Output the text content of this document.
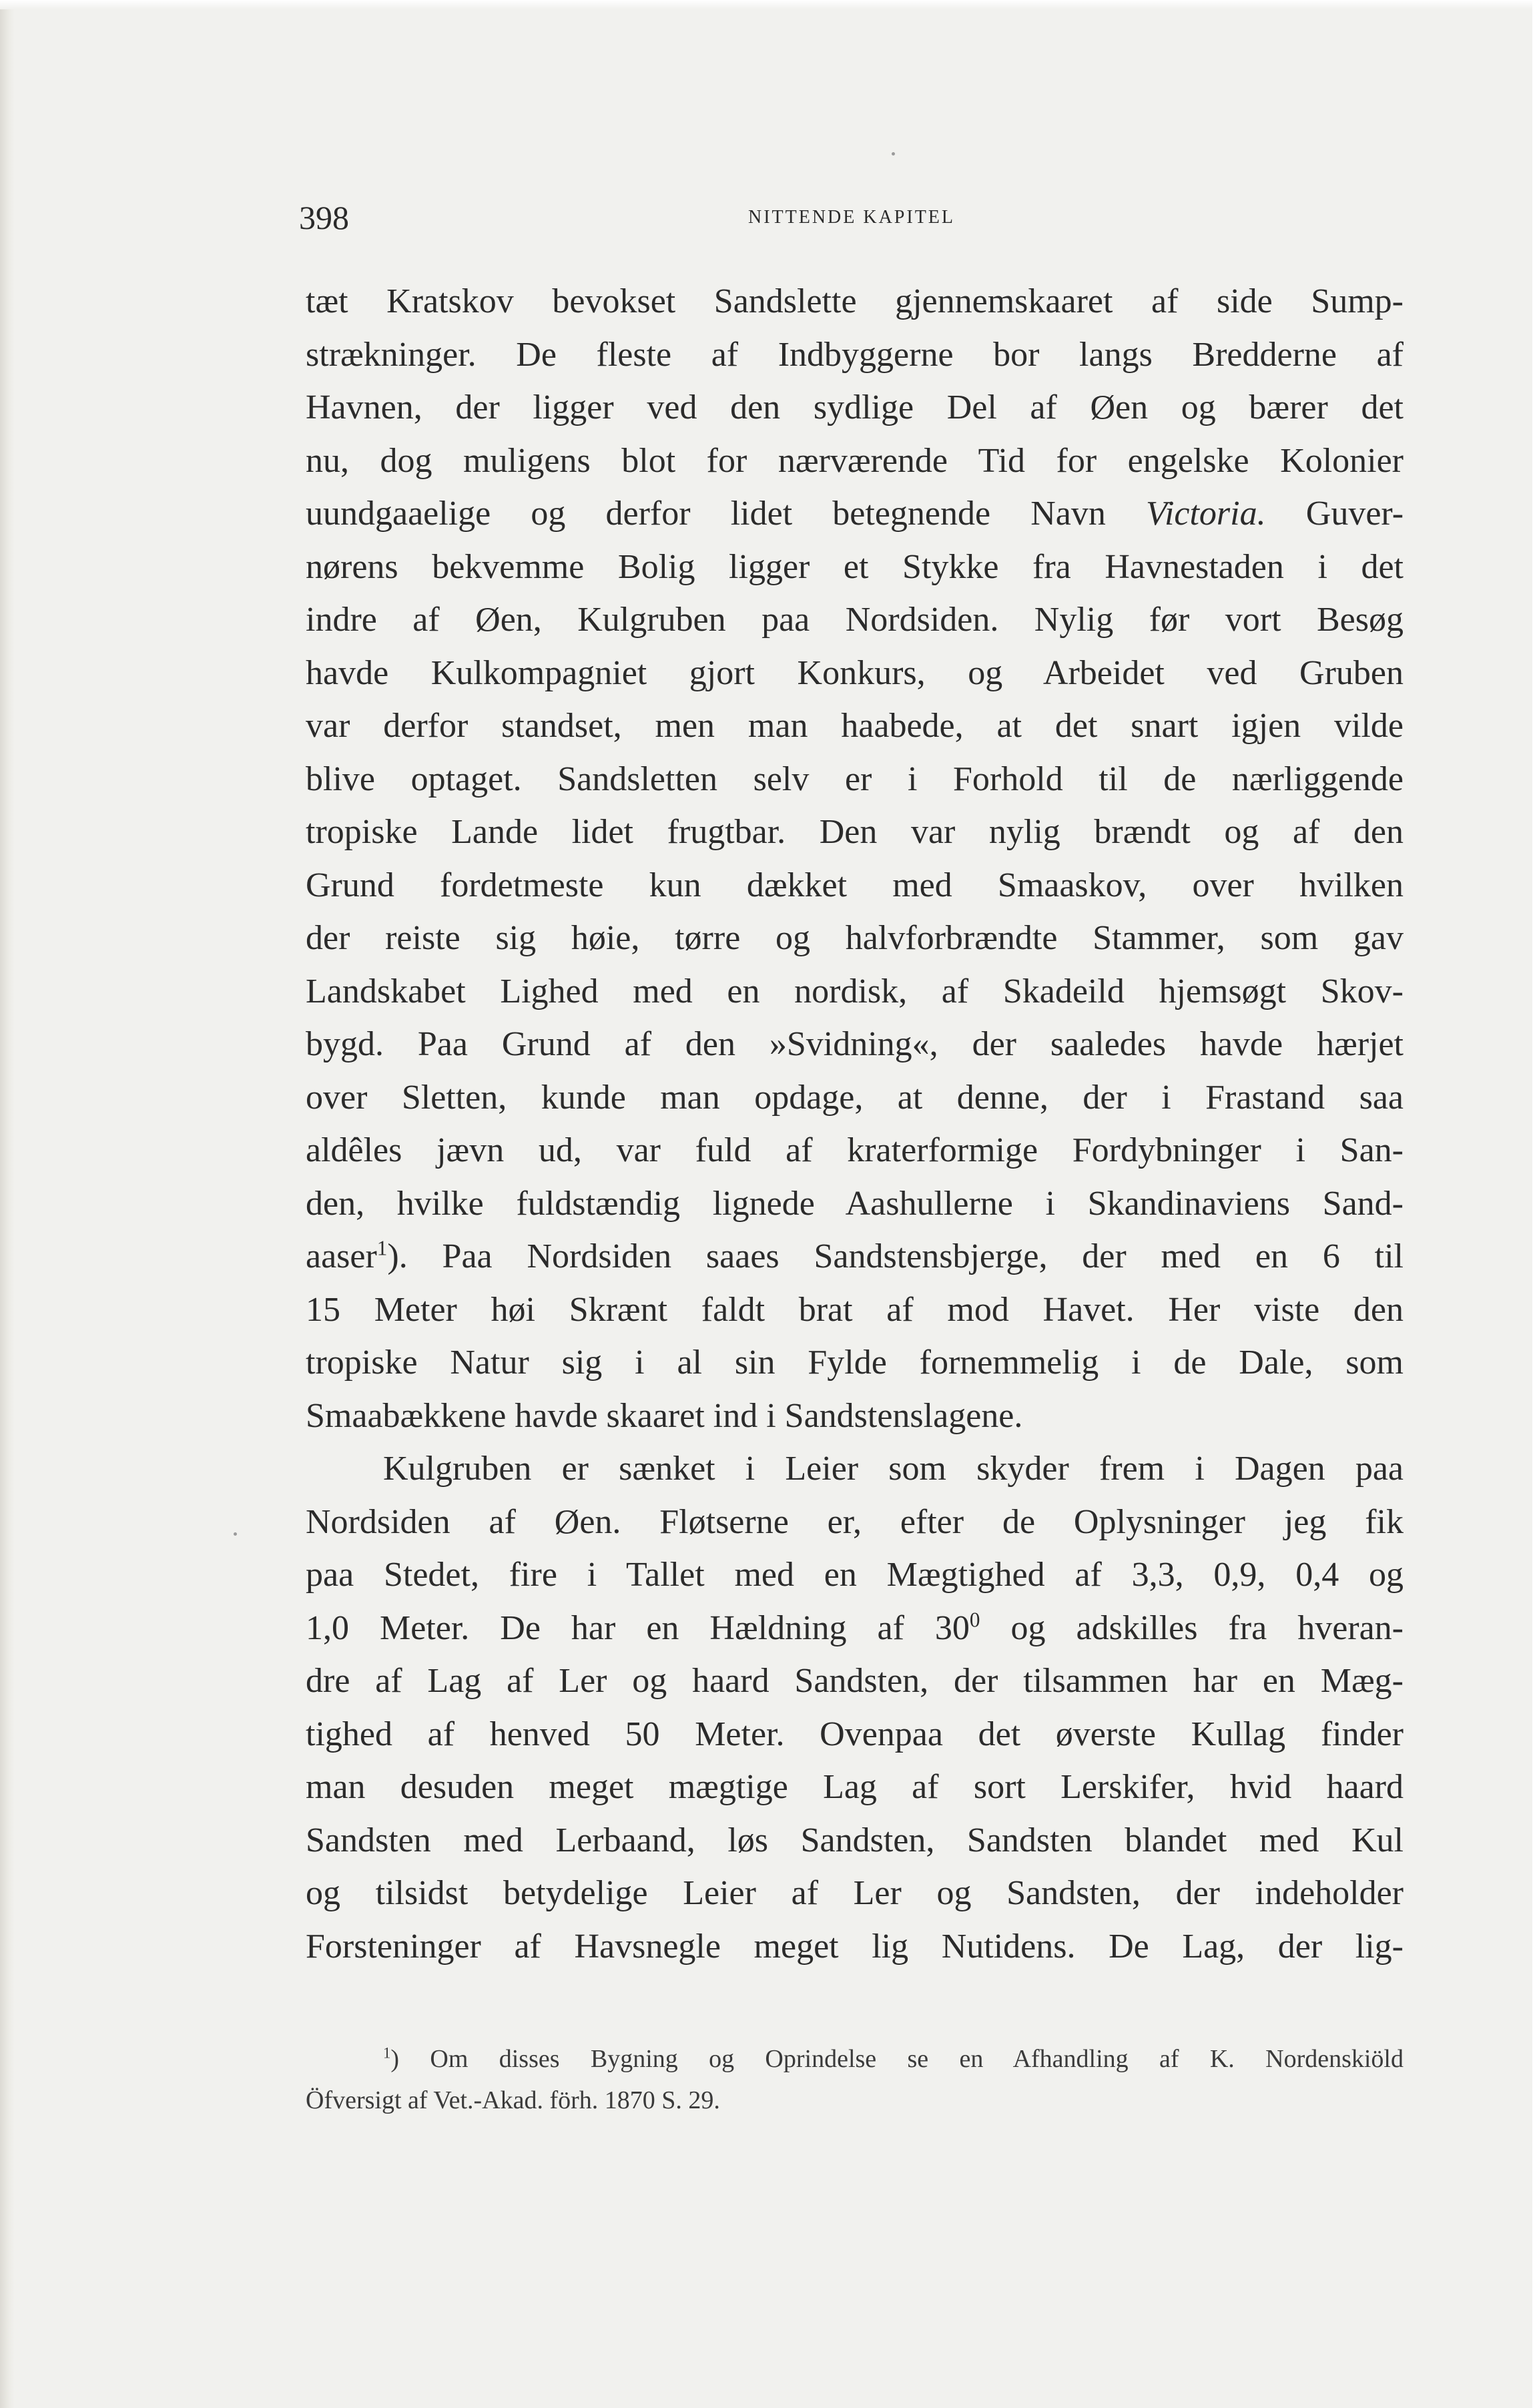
398	NITTENDE KAPITEL
tæt Kratskov bevokset Sandslette gjennemskaaret af side Sump-
strækninger. De fleste af Indbyggerne bor langs Bredderne af
Havnen, der ligger ved den sydlige Del af Øen og bærer det
nu, dog muligens blot for nærværende Tid for engelske Kolonier
uundgaaelige og derfor lidet betegnende Navn Victoria. Guver-
nørens bekvemme Bolig ligger et Stykke fra Havnestaden i det
indre af Øen, Kulgruben paa Nordsiden. Nylig før vort Besøg
havde Kulkompagniet gjort Konkurs, og Arbeidet ved Gruben
var derfor standset, men man haabede, at det snart igjen vilde
blive optaget. Sandsletten selv er i Forhold til de nærliggende
tropiske Lande lidet frugtbar. Den var nylig brændt og af den
Grund fordetmeste kun dækket med Smaaskov, over hvilken
der reiste sig høie, tørre og halvforbrændte Stammer, som gav
Landskabet Lighed med en nordisk, af Skadeild hjemsøgt Skov-
bygd. Paa Grund af den »Svidning«, der saaledes havde hærjet
over Sletten, kunde man opdage, at denne, der i Frastand saa
aldêles jævn ud, var fuld af kraterformige Fordybninger i San-
den, hvilke fuldstændig lignede Aashullerne i Skandinaviens Sand-
aaser$^1$). Paa Nordsiden saaes Sandstensbjerge, der med en 6 til
15 Meter høi Skrænt faldt brat af mod Havet. Her viste den
tropiske Natur sig i al sin Fylde fornemmelig i de Dale, som
Smaabækkene havde skaaret ind i Sandstenslagene.
Kulgruben er sænket i Leier som skyder frem i Dagen paa
Nordsiden af Øen. Fløtserne er, efter de Oplysninger jeg fik
paa Stedet, fire i Tallet med en Mægtighed af 3,3, 0,9, 0,4 og
1,0 Meter. De har en Hældning af $30^0$ og adskilles fra hveran-
dre af Lag af Ler og haard Sandsten, der tilsammen har en Mæg-
tighed af henved 50 Meter. Ovenpaa det øverste Kullag finder
man desuden meget mægtige Lag af sort Lerskifer, hvid haard
Sandsten med Lerbaand, løs Sandsten, Sandsten blandet med Kul
og tilsidst betydelige Leier af Ler og Sandsten, der indeholder
Forsteninger af Havsnegle meget lig Nutidens. De Lag, der lig-
$^1$) Om disses Bygning og Oprindelse se en Afhandling af K. Nordenskiöld
Öfversigt af Vet.-Akad. förh. 1870 S. 29.
